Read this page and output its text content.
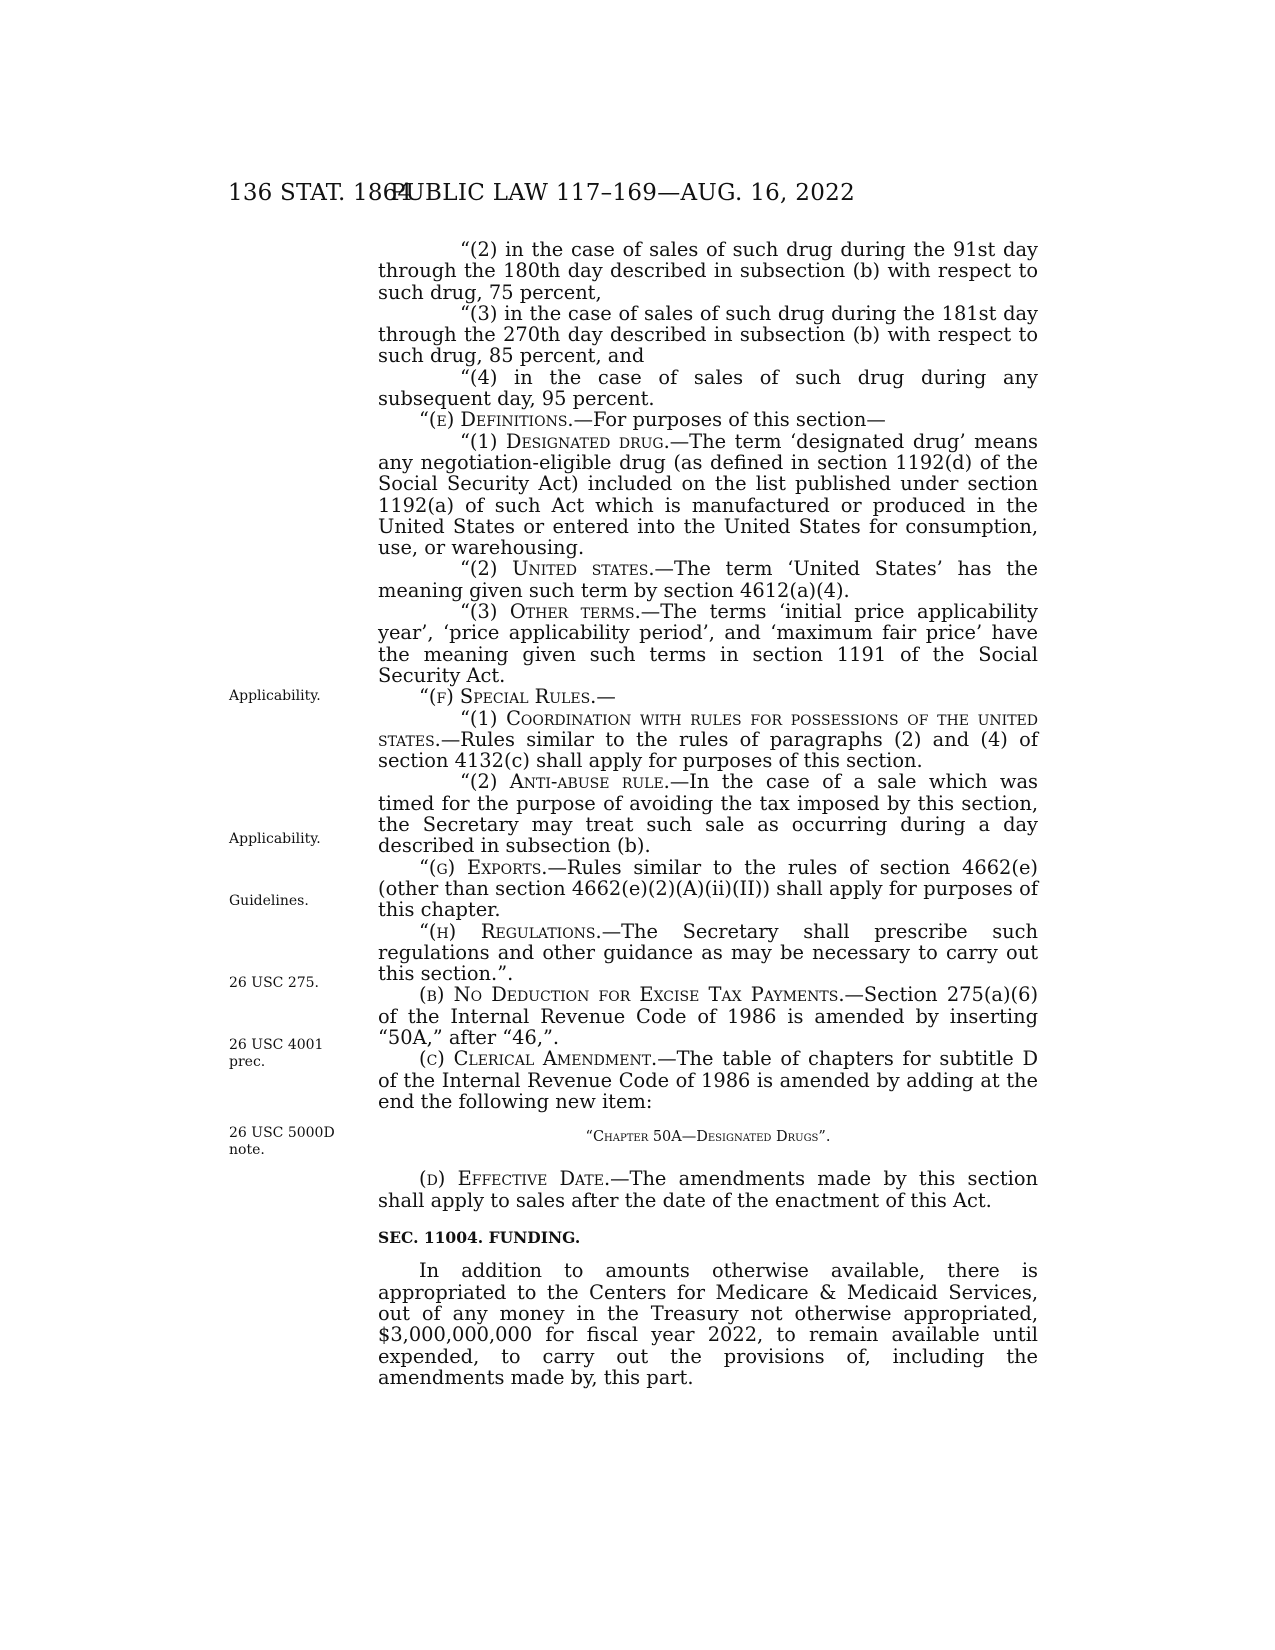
136 STAT. 1864
PUBLIC LAW 117–169—AUG. 16, 2022
Applicability.
Applicability.
Guidelines.
26 USC 275.
26 USC 4001
prec.
26 USC 5000D
note.

“(2) in the case of sales of such drug during the 91st day through the 180th day described in subsection (b) with respect to such drug, 75 percent,

“(3) in the case of sales of such drug during the 181st day through the 270th day described in subsection (b) with respect to such drug, 85 percent, and

“(4) in the case of sales of such drug during any subsequent day, 95 percent.

“(e) Definitions.—For purposes of this section—

“(1) Designated drug.—The term ‘designated drug’ means any negotiation-eligible drug (as defined in section 1192(d) of the Social Security Act) included on the list published under section 1192(a) of such Act which is manufactured or produced in the United States or entered into the United States for consumption, use, or warehousing.

“(2) United states.—The term ‘United States’ has the meaning given such term by section 4612(a)(4).

“(3) Other terms.—The terms ‘initial price applicability year’, ‘price applicability period’, and ‘maximum fair price’ have the meaning given such terms in section 1191 of the Social Security Act.

“(f) Special Rules.—

“(1) Coordination with rules for possessions of the united states.—Rules similar to the rules of paragraphs (2) and (4) of section 4132(c) shall apply for purposes of this section.

“(2) Anti-abuse rule.—In the case of a sale which was timed for the purpose of avoiding the tax imposed by this section, the Secretary may treat such sale as occurring during a day described in subsection (b).

“(g) Exports.—Rules similar to the rules of section 4662(e) (other than section 4662(e)(2)(A)(ii)(II)) shall apply for purposes of this chapter.

“(h) Regulations.—The Secretary shall prescribe such regulations and other guidance as may be necessary to carry out this section.”.

(b) No Deduction for Excise Tax Payments.—Section 275(a)(6) of the Internal Revenue Code of 1986 is amended by inserting “50A,” after “46,”.

(c) Clerical Amendment.—The table of chapters for subtitle D of the Internal Revenue Code of 1986 is amended by adding at the end the following new item:

“Chapter 50A—Designated Drugs”.

(d) Effective Date.—The amendments made by this section shall apply to sales after the date of the enactment of this Act.

SEC. 11004. FUNDING.

In addition to amounts otherwise available, there is appropriated to the Centers for Medicare & Medicaid Services, out of any money in the Treasury not otherwise appropriated, $3,000,000,000 for fiscal year 2022, to remain available until expended, to carry out the provisions of, including the amendments made by, this part.
